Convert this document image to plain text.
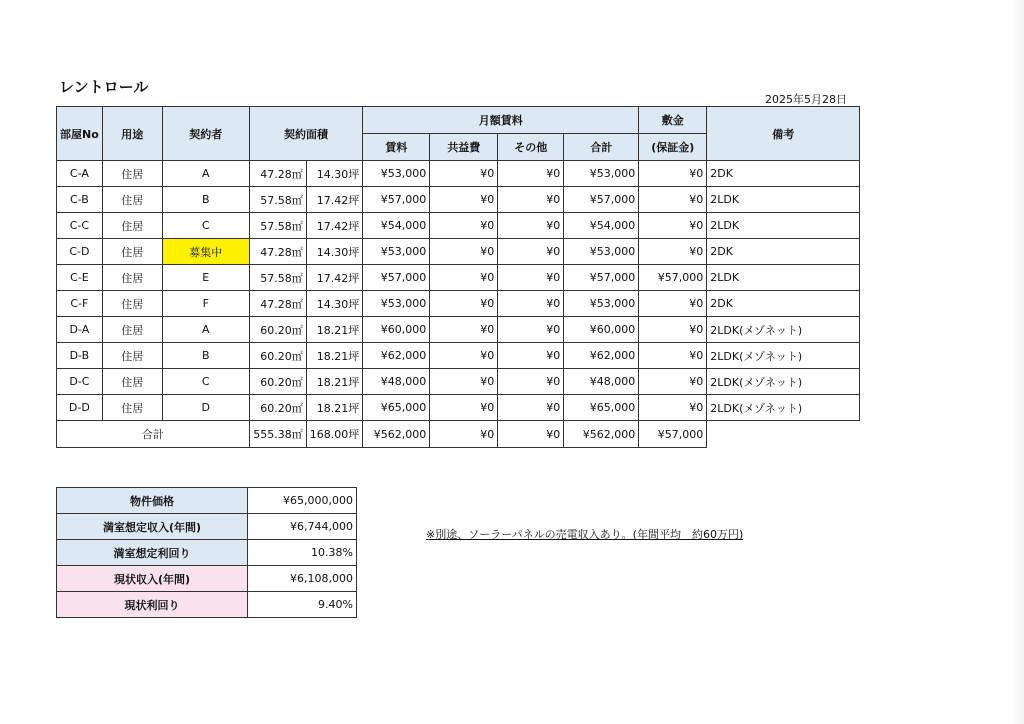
レントロール
2025年5月28日
部屋No	用途	契約者	契約面積		月額賃料				敷金	備考
					賃料	共益費	その他	合計	(保証金)	
C-A	住居	A	47.28㎡	14.30坪	¥53,000	¥0	¥0	¥53,000	¥0	2DK
C-B	住居	B	57.58㎡	17.42坪	¥57,000	¥0	¥0	¥57,000	¥0	2LDK
C-C	住居	C	57.58㎡	17.42坪	¥54,000	¥0	¥0	¥54,000	¥0	2LDK
C-D	住居	募集中	47.28㎡	14.30坪	¥53,000	¥0	¥0	¥53,000	¥0	2DK
C-E	住居	E	57.58㎡	17.42坪	¥57,000	¥0	¥0	¥57,000	¥57,000	2LDK
C-F	住居	F	47.28㎡	14.30坪	¥53,000	¥0	¥0	¥53,000	¥0	2DK
D-A	住居	A	60.20㎡	18.21坪	¥60,000	¥0	¥0	¥60,000	¥0	2LDK(メゾネット)
D-B	住居	B	60.20㎡	18.21坪	¥62,000	¥0	¥0	¥62,000	¥0	2LDK(メゾネット)
D-C	住居	C	60.20㎡	18.21坪	¥48,000	¥0	¥0	¥48,000	¥0	2LDK(メゾネット)
D-D	住居	D	60.20㎡	18.21坪	¥65,000	¥0	¥0	¥65,000	¥0	2LDK(メゾネット)
合計			555.38㎡	168.00坪	¥562,000	¥0	¥0	¥562,000	¥57,000	
物件価格	¥65,000,000
満室想定収入(年間)	¥6,744,000
満室想定利回り	10.38%
現状収入(年間)	¥6,108,000
現状利回り	9.40%
※別途、ソーラーパネルの売電収入あり。(年間平均　約60万円)
